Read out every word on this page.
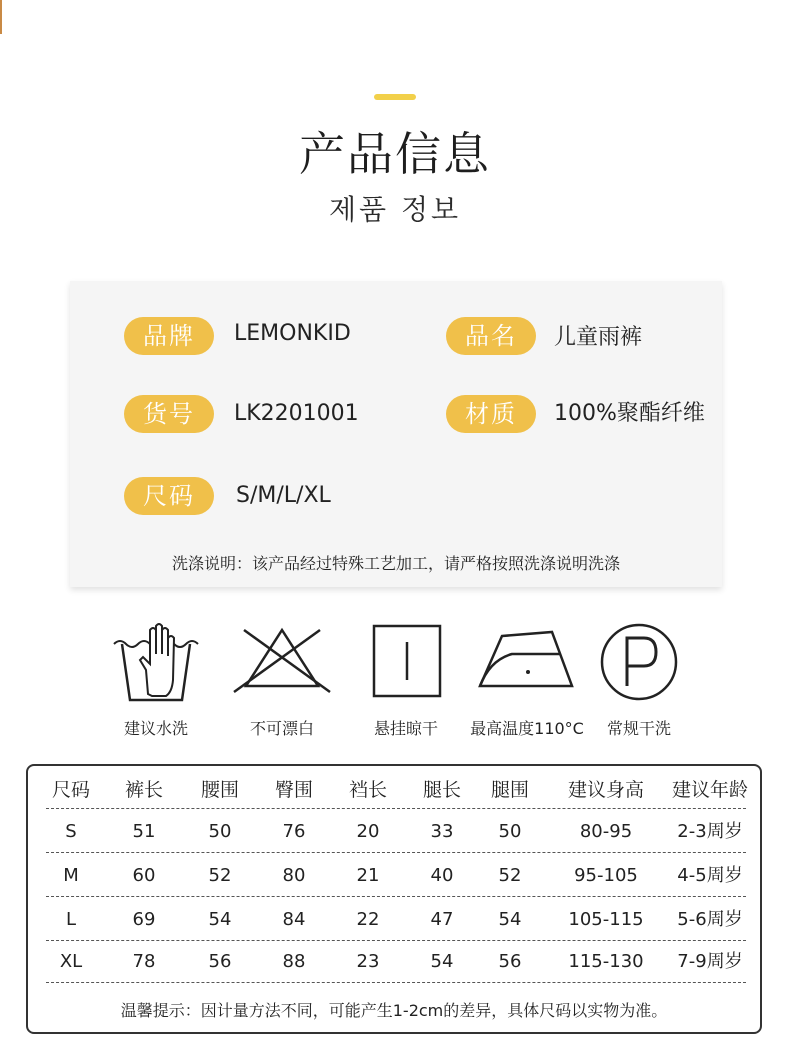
产品信息
제품 정보
品牌	LEMONKID	品名	儿童雨裤
货号	LK2201001	材质	100%聚酯纤维
尺码	S/M/L/XL
洗涤说明：该产品经过特殊工艺加工，请严格按照洗涤说明洗涤
建议水洗	不可漂白	悬挂晾干	最高温度110°C	常规干洗
尺码	裤长	腰围	臀围	裆长	腿长	腿围	建议身高	建议年龄
S	51	50	76	20	33	50	80-95	2-3周岁
M	60	52	80	21	40	52	95-105	4-5周岁
L	69	54	84	22	47	54	105-115	5-6周岁
XL	78	56	88	23	54	56	115-130	7-9周岁
温馨提示：因计量方法不同，可能产生1-2cm的差异，具体尺码以实物为准。
